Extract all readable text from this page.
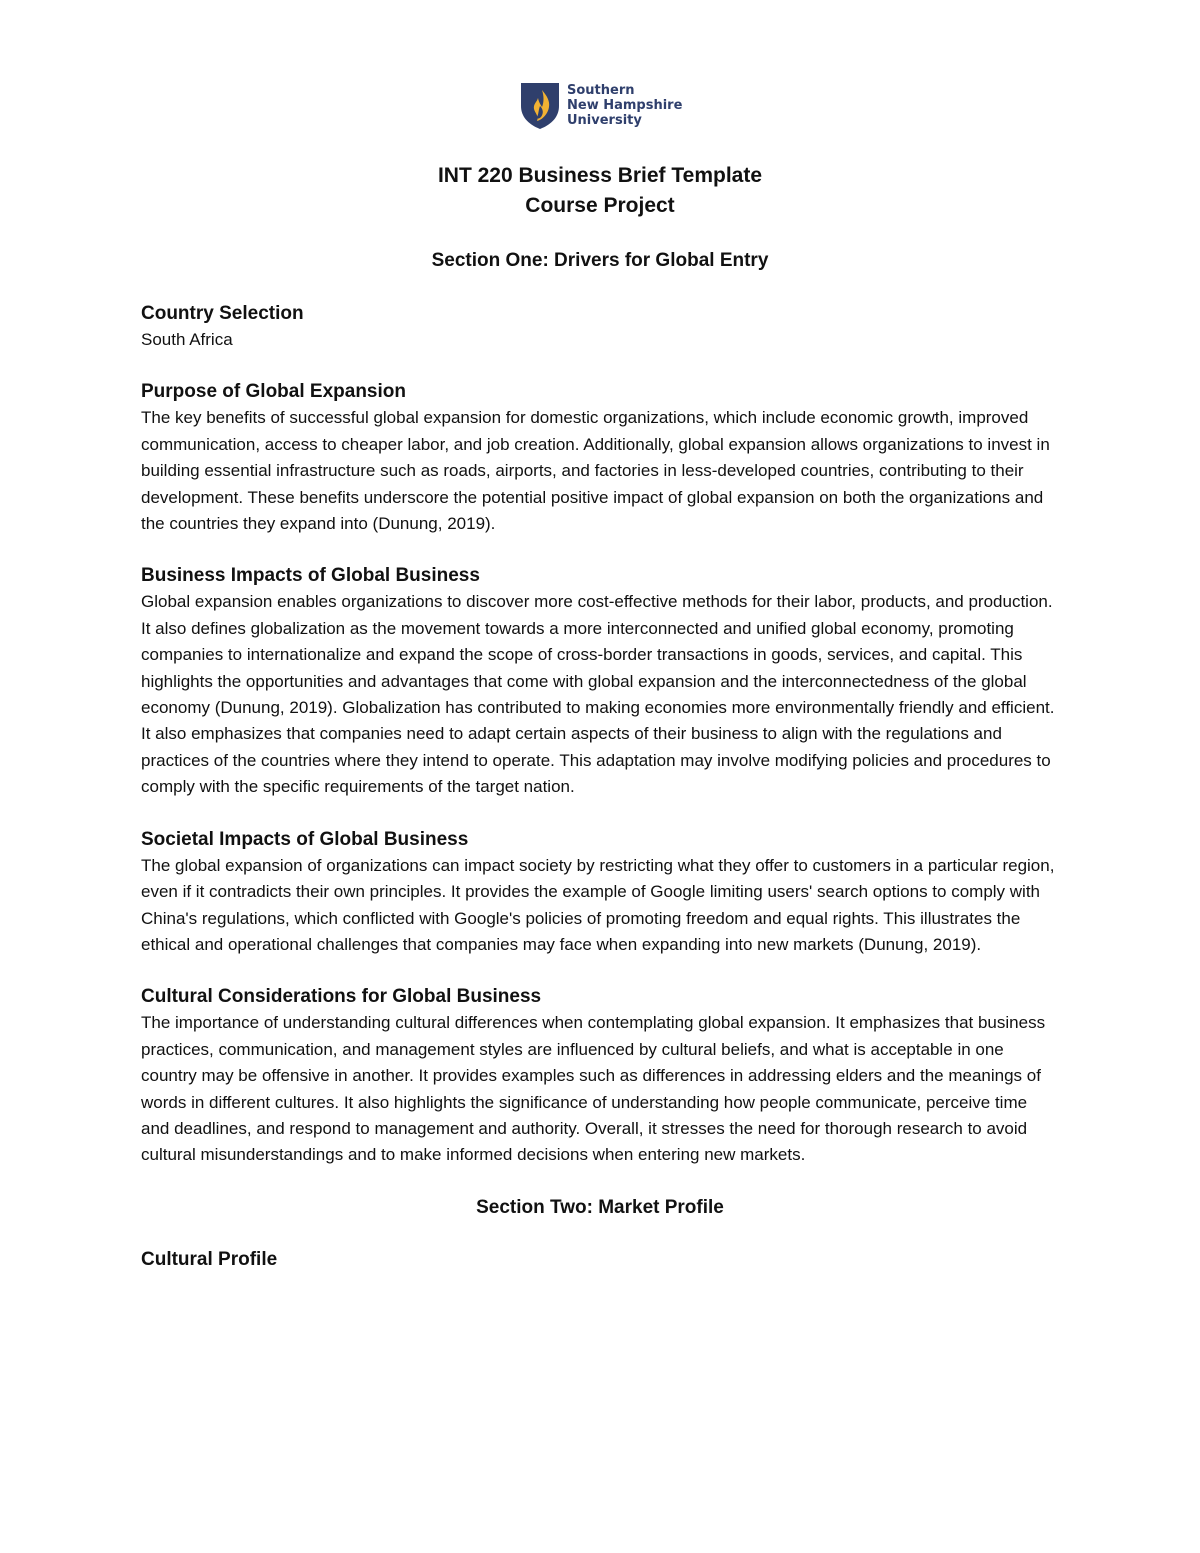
Southern
New Hampshire
University

INT 220 Business Brief Template

Course Project

Section One: Drivers for Global Entry

Country Selection

South Africa

Purpose of Global Expansion

The key benefits of successful global expansion for domestic organizations, which include economic growth, improved communication, access to cheaper labor, and job creation. Additionally, global expansion allows organizations to invest in building essential infrastructure such as roads, airports, and factories in less-developed countries, contributing to their development. These benefits underscore the potential positive impact of global expansion on both the organizations and the countries they expand into (Dunung, 2019).

Business Impacts of Global Business

Global expansion enables organizations to discover more cost-effective methods for their labor, products, and production. It also defines globalization as the movement towards a more interconnected and unified global economy, promoting companies to internationalize and expand the scope of cross-border transactions in goods, services, and capital. This highlights the opportunities and advantages that come with global expansion and the interconnectedness of the global economy (Dunung, 2019). Globalization has contributed to making economies more environmentally friendly and efficient. It also emphasizes that companies need to adapt certain aspects of their business to align with the regulations and practices of the countries where they intend to operate. This adaptation may involve modifying policies and procedures to comply with the specific requirements of the target nation.

Societal Impacts of Global Business

The global expansion of organizations can impact society by restricting what they offer to customers in a particular region, even if it contradicts their own principles. It provides the example of Google limiting users' search options to comply with China's regulations, which conflicted with Google's policies of promoting freedom and equal rights. This illustrates the ethical and operational challenges that companies may face when expanding into new markets (Dunung, 2019).

Cultural Considerations for Global Business

The importance of understanding cultural differences when contemplating global expansion. It emphasizes that business practices, communication, and management styles are influenced by cultural beliefs, and what is acceptable in one country may be offensive in another. It provides examples such as differences in addressing elders and the meanings of words in different cultures. It also highlights the significance of understanding how people communicate, perceive time and deadlines, and respond to management and authority. Overall, it stresses the need for thorough research to avoid cultural misunderstandings and to make informed decisions when entering new markets.

Section Two: Market Profile

Cultural Profile
